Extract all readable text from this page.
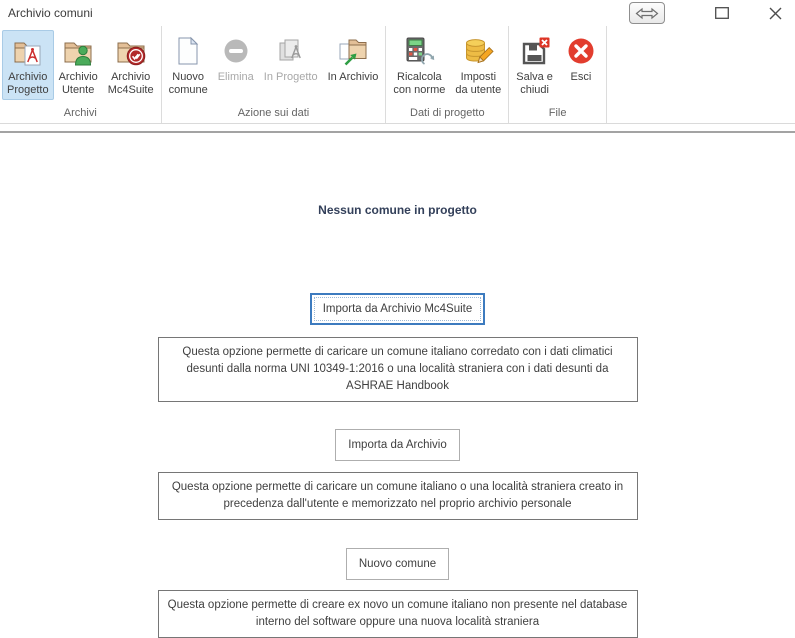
Archivio comuni
Archivio
Progetto
Archivio
Utente
Archivio
Mc4Suite
Archivi
Nuovo
comune
Elimina In Progetto In Archivio
Azione sui dati
Ricalcola
con norme
Imposti
da utente
Dati di progetto
Salva e
chiudi
Esci
File
Nessun comune in progetto
Importa da Archivio Mc4Suite
Questa opzione permette di caricare un comune italiano corredato con i dati climatici desunti dalla norma UNI 10349-1:2016 o una località straniera con i dati desunti da ASHRAE Handbook
Importa da Archivio
Questa opzione permette di caricare un comune italiano o una località straniera creato in precedenza dall'utente e memorizzato nel proprio archivio personale
Nuovo comune
Questa opzione permette di creare ex novo un comune italiano non presente nel database interno del software oppure una nuova località straniera
